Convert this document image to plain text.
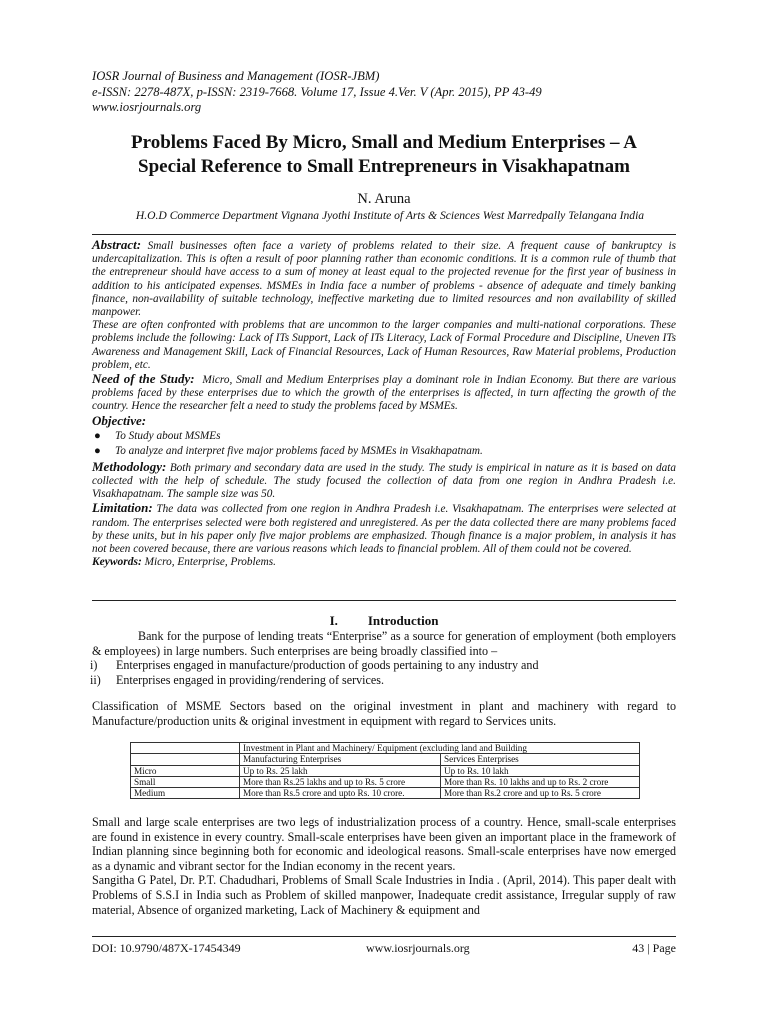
IOSR Journal of Business and Management (IOSR-JBM)
e-ISSN: 2278-487X, p-ISSN: 2319-7668. Volume 17, Issue 4.Ver. V (Apr. 2015), PP 43-49
www.iosrjournals.org
Problems Faced By Micro, Small and Medium Enterprises – A
Special Reference to Small Entrepreneurs in Visakhapatnam
N. Aruna
H.O.D Commerce Department Vignana Jyothi Institute of Arts & Sciences West Marredpally Telangana India

Abstract: Small businesses often face a variety of problems related to their size. A frequent cause of bankruptcy is undercapitalization. This is often a result of poor planning rather than economic conditions. It is a common rule of thumb that the entrepreneur should have access to a sum of money at least equal to the projected revenue for the first year of business in addition to his anticipated expenses. MSMEs in India face a number of problems - absence of adequate and timely banking finance, non-availability of suitable technology, ineffective marketing due to limited resources and non availability of skilled manpower.

These are often confronted with problems that are uncommon to the larger companies and multi-national corporations. These problems include the following: Lack of ITs Support, Lack of ITs Literacy, Lack of Formal Procedure and Discipline, Uneven ITs Awareness and Management Skill, Lack of Financial Resources, Lack of Human Resources, Raw Material problems, Production problem, etc.

Need of the Study: Micro, Small and Medium Enterprises play a dominant role in Indian Economy. But there are various problems faced by these enterprises due to which the growth of the enterprises is affected, in turn affecting the growth of the country. Hence the researcher felt a need to study the problems faced by MSMEs.

Objective:

● To Study about MSMEs
● To analyze and interpret five major problems faced by MSMEs in Visakhapatnam.

Methodology: Both primary and secondary data are used in the study. The study is empirical in nature as it is based on data collected with the help of schedule. The study focused the collection of data from one region in Andhra Pradesh i.e. Visakhapatnam. The sample size was 50.

Limitation: The data was collected from one region in Andhra Pradesh i.e. Visakhapatnam. The enterprises were selected at random. The enterprises selected were both registered and unregistered. As per the data collected there are many problems faced by these units, but in his paper only five major problems are emphasized. Though finance is a major problem, in analysis it has not been covered because, there are various reasons which leads to financial problem. All of them could not be covered.

Keywords: Micro, Enterprise, Problems.

I. Introduction

Bank for the purpose of lending treats “Enterprise” as a source for generation of employment (both employers & employees) in large numbers. Such enterprises are being broadly classified into –

i) Enterprises engaged in manufacture/production of goods pertaining to any industry and
ii) Enterprises engaged in providing/rendering of services.
Classification of MSME Sectors based on the original investment in plant and machinery with regard to Manufacture/production units & original investment in equipment with regard to Services units.
	Investment in Plant and Machinery/ Equipment (excluding land and Building	
	Manufacturing Enterprises	Services Enterprises
Micro	Up to Rs. 25 lakh	Up to Rs. 10 lakh
Small	More than Rs.25 lakhs and up to Rs. 5 crore	More than Rs. 10 lakhs and up to Rs. 2 crore
Medium	More than Rs.5 crore and upto Rs. 10 crore.	More than Rs.2 crore and up to Rs. 5 crore

Small and large scale enterprises are two legs of industrialization process of a country. Hence, small-scale enterprises are found in existence in every country. Small-scale enterprises have been given an important place in the framework of Indian planning since beginning both for economic and ideological reasons. Small-scale enterprises have now emerged as a dynamic and vibrant sector for the Indian economy in the recent years.

Sangitha G Patel, Dr. P.T. Chadudhari, Problems of Small Scale Industries in India . (April, 2014). This paper dealt with Problems of S.S.I in India such as Problem of skilled manpower, Inadequate credit assistance, Irregular supply of raw material, Absence of organized marketing, Lack of Machinery & equipment and

DOI: 10.9790/487X-17454349	www.iosrjournals.org	43 | Page
